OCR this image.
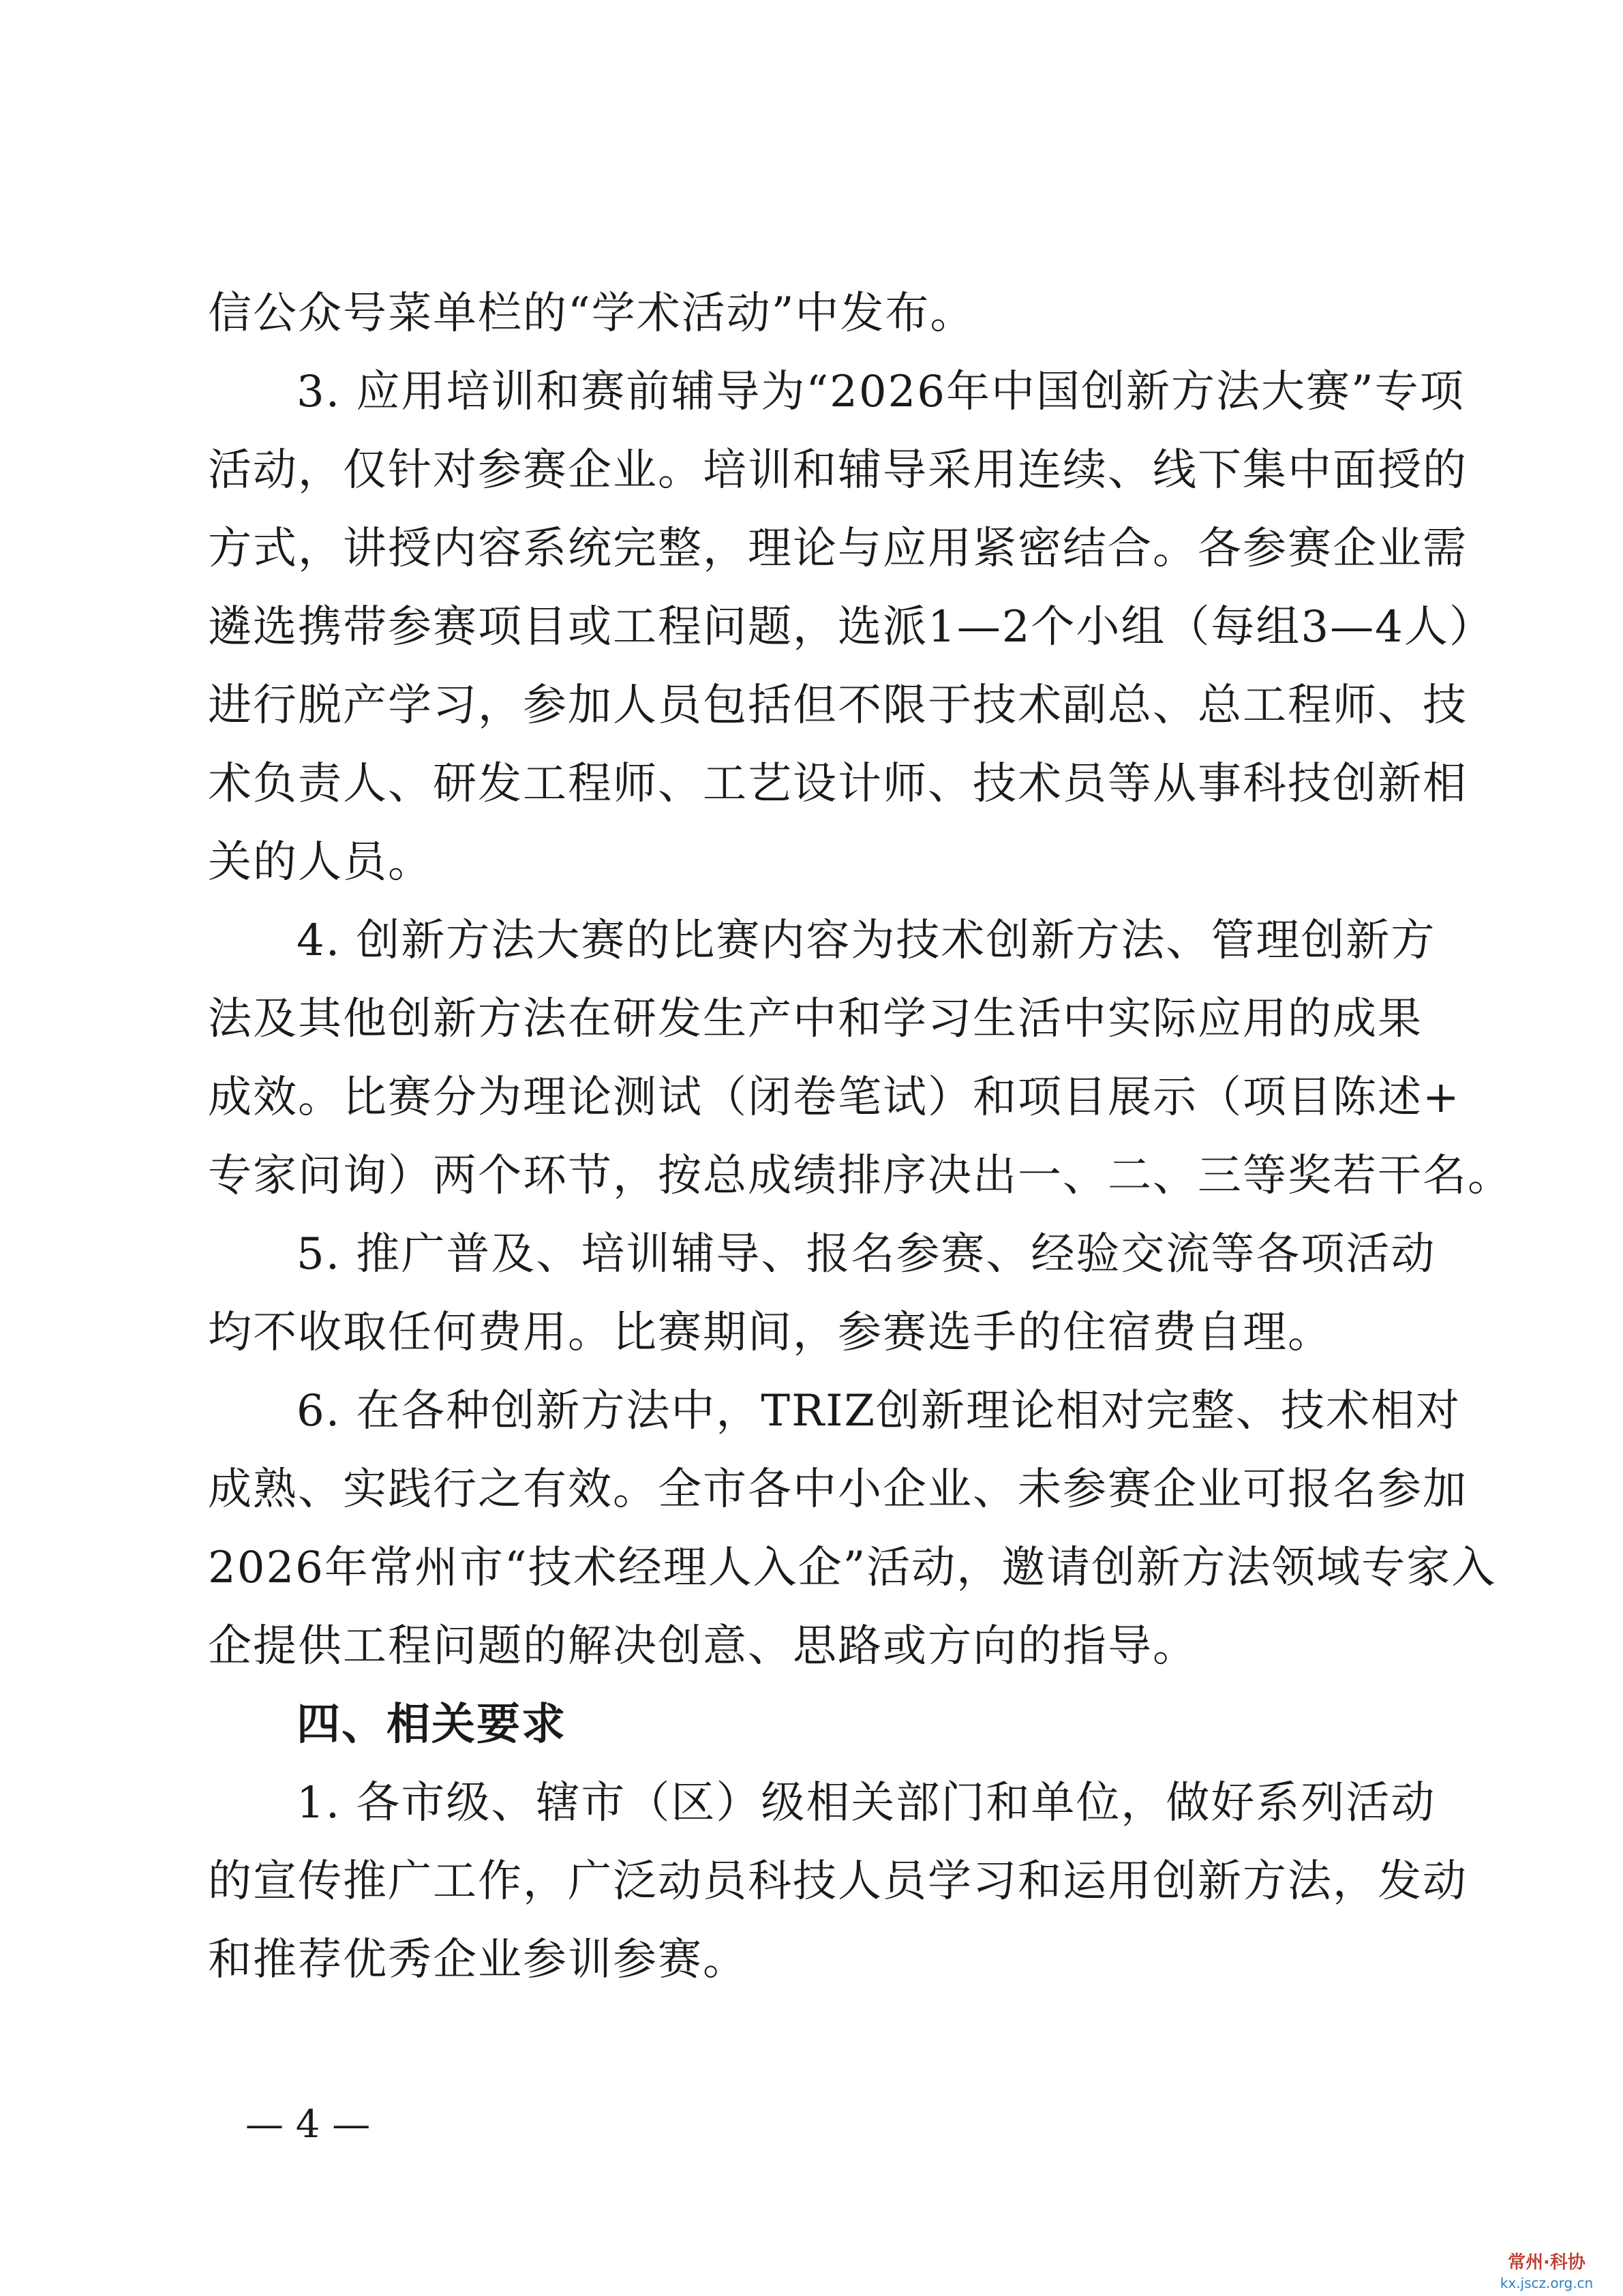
信公众号菜单栏的“学术活动”中发布。
3. 应用培训和赛前辅导为“2026年中国创新方法大赛”专项
活动，仅针对参赛企业。培训和辅导采用连续、线下集中面授的
方式，讲授内容系统完整，理论与应用紧密结合。各参赛企业需
遴选携带参赛项目或工程问题，选派1—2个小组（每组3—4人）
进行脱产学习，参加人员包括但不限于技术副总、总工程师、技
术负责人、研发工程师、工艺设计师、技术员等从事科技创新相
关的人员。
4. 创新方法大赛的比赛内容为技术创新方法、管理创新方
法及其他创新方法在研发生产中和学习生活中实际应用的成果
成效。比赛分为理论测试（闭卷笔试）和项目展示（项目陈述+
专家问询）两个环节，按总成绩排序决出一、二、三等奖若干名。
5. 推广普及、培训辅导、报名参赛、经验交流等各项活动
均不收取任何费用。比赛期间，参赛选手的住宿费自理。
6. 在各种创新方法中，TRIZ创新理论相对完整、技术相对
成熟、实践行之有效。全市各中小企业、未参赛企业可报名参加
2026年常州市“技术经理人入企”活动，邀请创新方法领域专家入
企提供工程问题的解决创意、思路或方向的指导。
四、相关要求
1. 各市级、辖市（区）级相关部门和单位，做好系列活动
的宣传推广工作，广泛动员科技人员学习和运用创新方法，发动
和推荐优秀企业参训参赛。
— 4 —
常州·科协
kx.jscz.org.cn
